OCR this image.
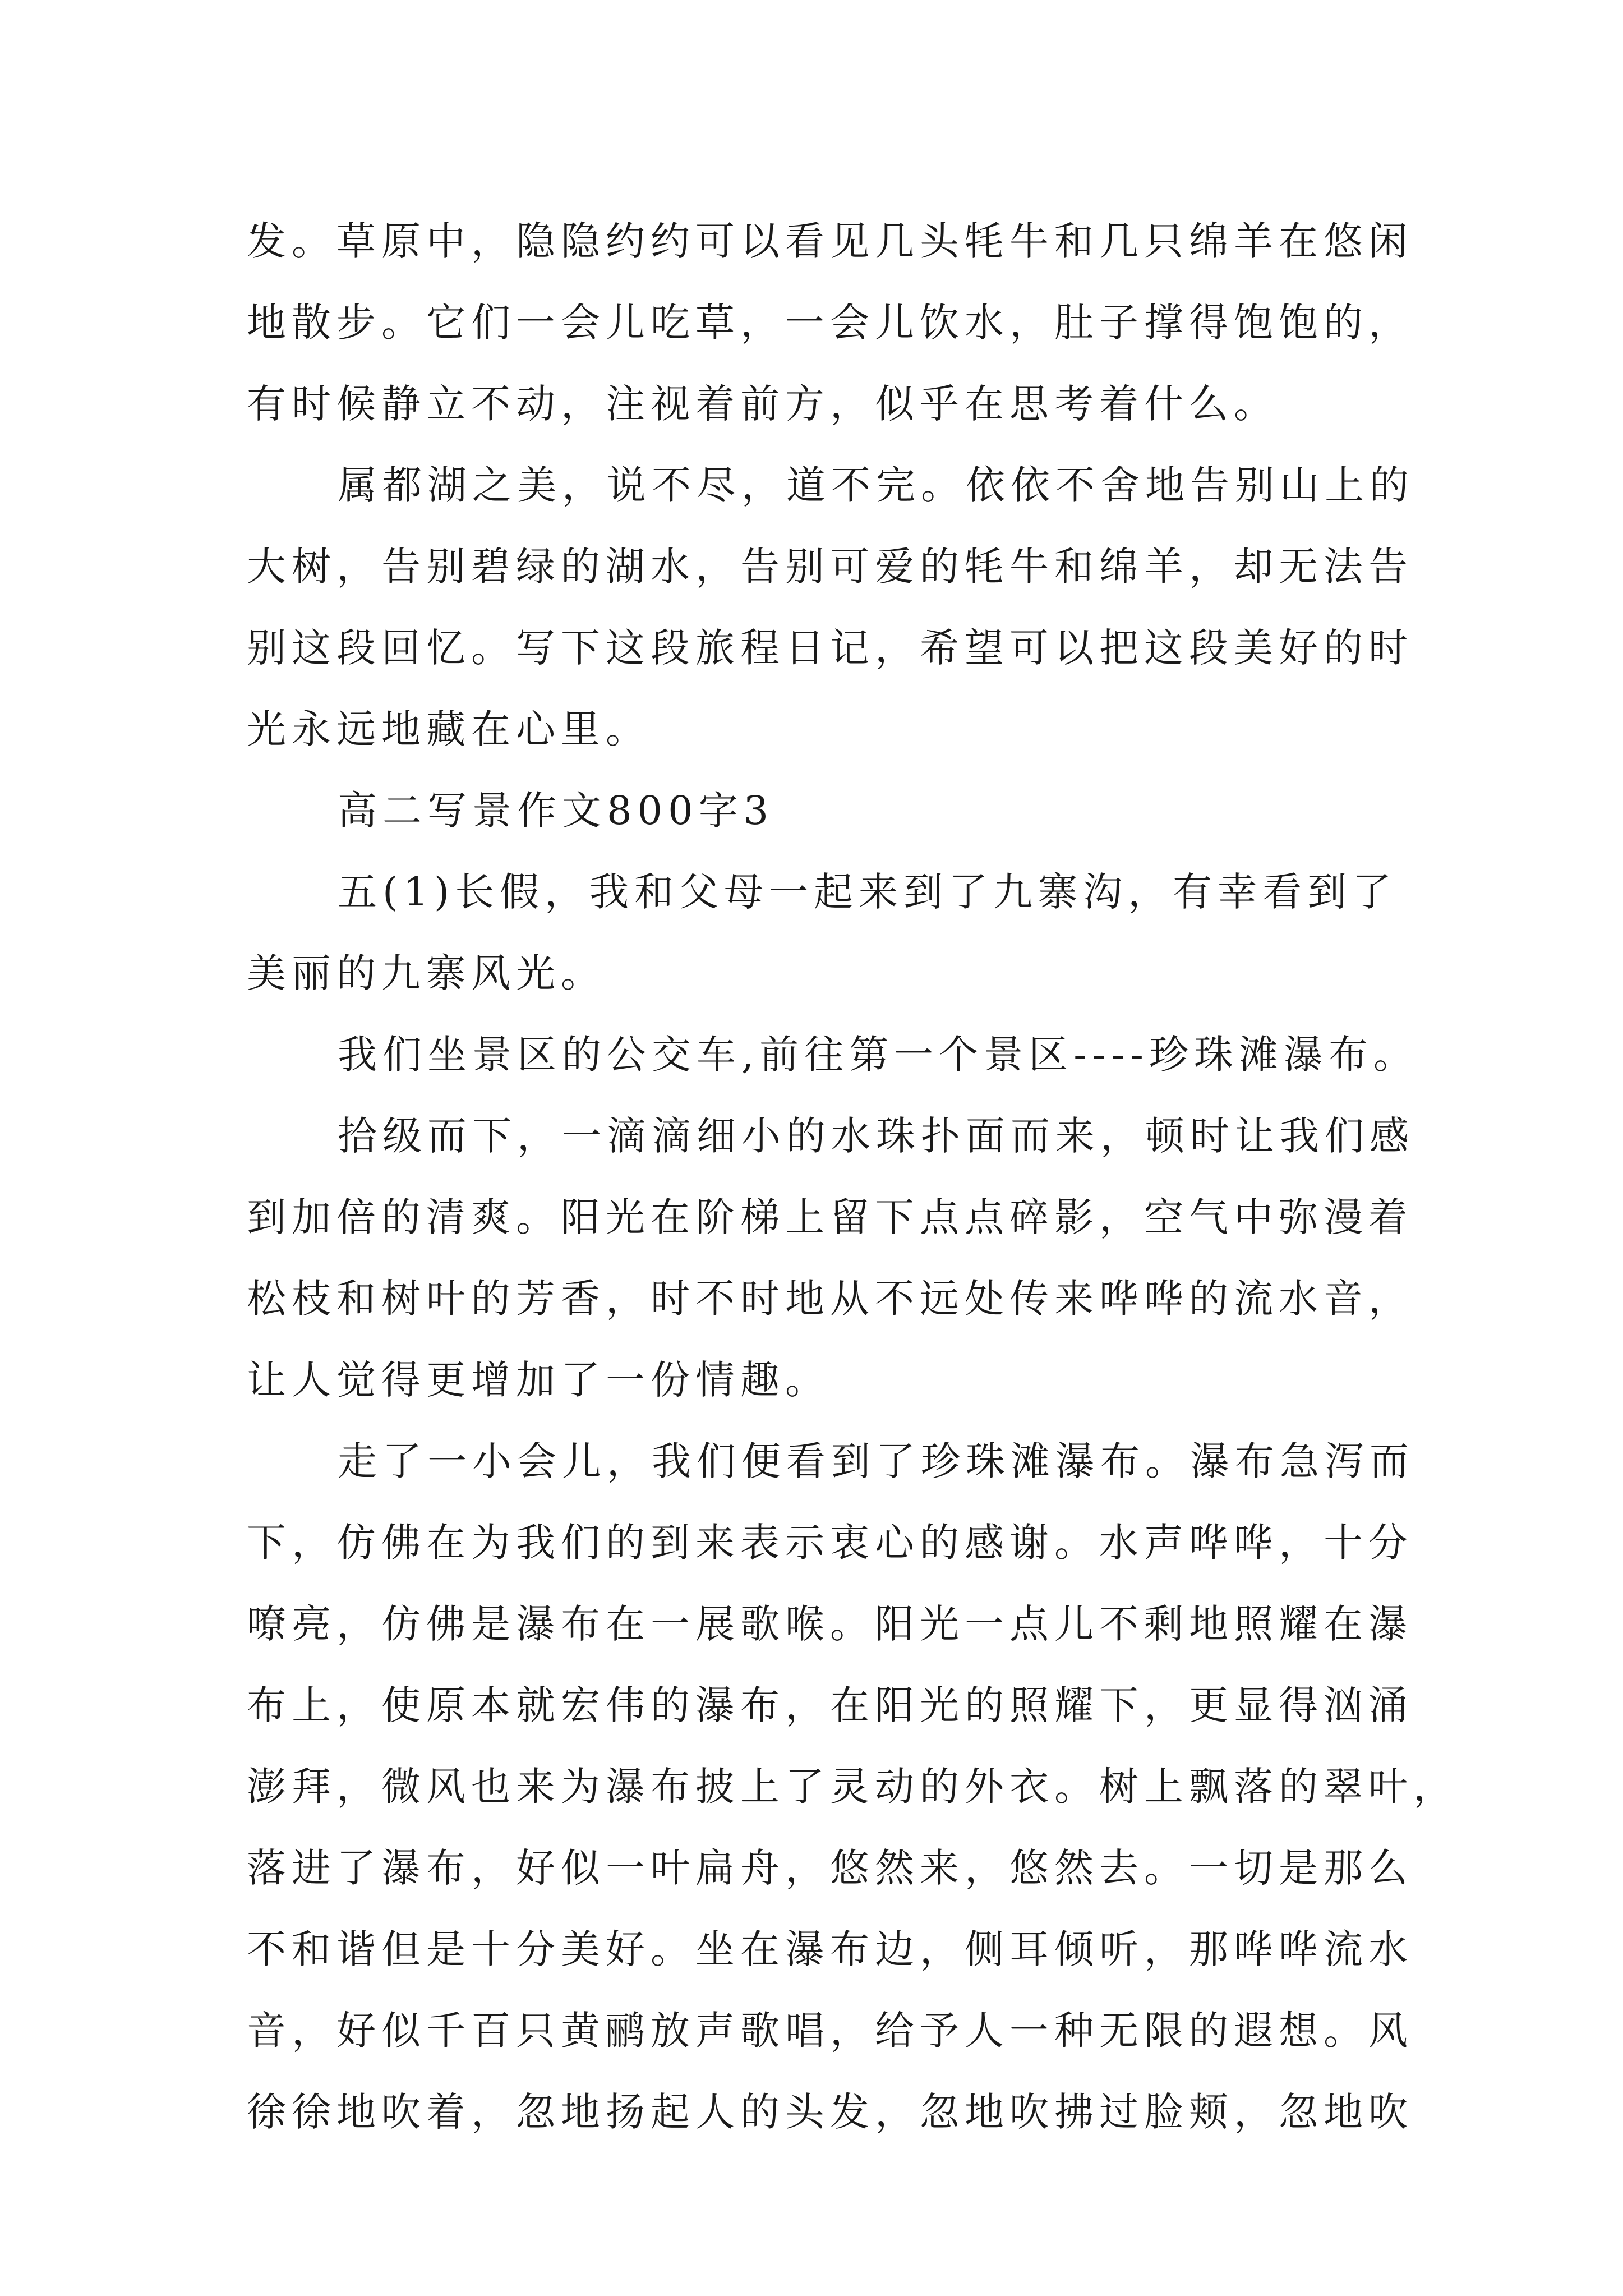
发。草原中，隐隐约约可以看见几头牦牛和几只绵羊在悠闲
地散步。它们一会儿吃草，一会儿饮水，肚子撑得饱饱的，
有时候静立不动，注视着前方，似乎在思考着什么。
属都湖之美，说不尽，道不完。依依不舍地告别山上的
大树，告别碧绿的湖水，告别可爱的牦牛和绵羊，却无法告
别这段回忆。写下这段旅程日记，希望可以把这段美好的时
光永远地藏在心里。
高二写景作文800字3
五(1)长假，我和父母一起来到了九寨沟，有幸看到了
美丽的九寨风光。
我们坐景区的公交车,前往第一个景区----珍珠滩瀑布。
拾级而下，一滴滴细小的水珠扑面而来，顿时让我们感
到加倍的清爽。阳光在阶梯上留下点点碎影，空气中弥漫着
松枝和树叶的芳香，时不时地从不远处传来哗哗的流水音，
让人觉得更增加了一份情趣。
走了一小会儿，我们便看到了珍珠滩瀑布。瀑布急泻而
下，仿佛在为我们的到来表示衷心的感谢。水声哗哗，十分
嘹亮，仿佛是瀑布在一展歌喉。阳光一点儿不剩地照耀在瀑
布上，使原本就宏伟的瀑布，在阳光的照耀下，更显得汹涌
澎拜，微风也来为瀑布披上了灵动的外衣。树上飘落的翠叶，
落进了瀑布，好似一叶扁舟，悠然来，悠然去。一切是那么
不和谐但是十分美好。坐在瀑布边，侧耳倾听，那哗哗流水
音，好似千百只黄鹂放声歌唱，给予人一种无限的遐想。风
徐徐地吹着，忽地扬起人的头发，忽地吹拂过脸颊，忽地吹
